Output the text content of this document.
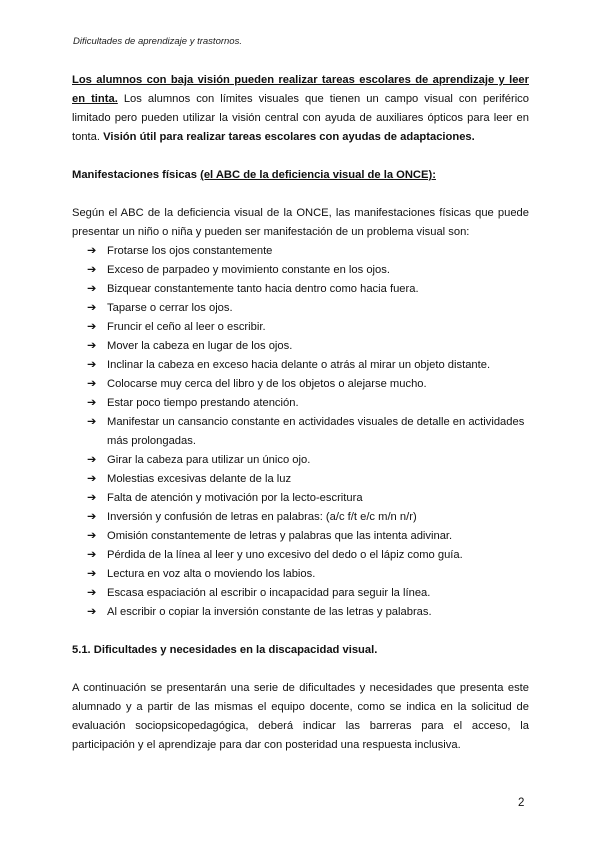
Dificultades de aprendizaje y trastornos.

Los alumnos con baja visión pueden realizar tareas escolares de aprendizaje y leer en tinta. Los alumnos con límites visuales que tienen un campo visual con periférico limitado pero pueden utilizar la visión central con ayuda de auxiliares ópticos para leer en tonta. Visión útil para realizar tareas escolares con ayudas de adaptaciones.

Manifestaciones físicas (el ABC de la deficiencia visual de la ONCE):

Según el ABC de la deficiencia visual de la ONCE, las manifestaciones físicas que puede presentar un niño o niña y pueden ser manifestación de un problema visual son:

➔ Frotarse los ojos constantemente
➔ Exceso de parpadeo y movimiento constante en los ojos.
➔ Bizquear constantemente tanto hacia dentro como hacia fuera.
➔ Taparse o cerrar los ojos.
➔ Fruncir el ceño al leer o escribir.
➔ Mover la cabeza en lugar de los ojos.
➔ Inclinar la cabeza en exceso hacia delante o atrás al mirar un objeto distante.
➔ Colocarse muy cerca del libro y de los objetos o alejarse mucho.
➔ Estar poco tiempo prestando atención.
➔ Manifestar un cansancio constante en actividades visuales de detalle en actividades más prolongadas.
➔ Girar la cabeza para utilizar un único ojo.
➔ Molestias excesivas delante de la luz
➔ Falta de atención y motivación por la lecto-escritura
➔ Inversión y confusión de letras en palabras: (a/c f/t e/c m/n n/r)
➔ Omisión constantemente de letras y palabras que las intenta adivinar.
➔ Pérdida de la línea al leer y uno excesivo del dedo o el lápiz como guía.
➔ Lectura en voz alta o moviendo los labios.
➔ Escasa espaciación al escribir o incapacidad para seguir la línea.
➔ Al escribir o copiar la inversión constante de las letras y palabras.

5.1. Dificultades y necesidades en la discapacidad visual.

A continuación se presentarán una serie de dificultades y necesidades que presenta este alumnado y a partir de las mismas el equipo docente, como se indica en la solicitud de evaluación sociopsicopedagógica, deberá indicar las barreras para el acceso, la participación y el aprendizaje para dar con posteridad una respuesta inclusiva.

2
